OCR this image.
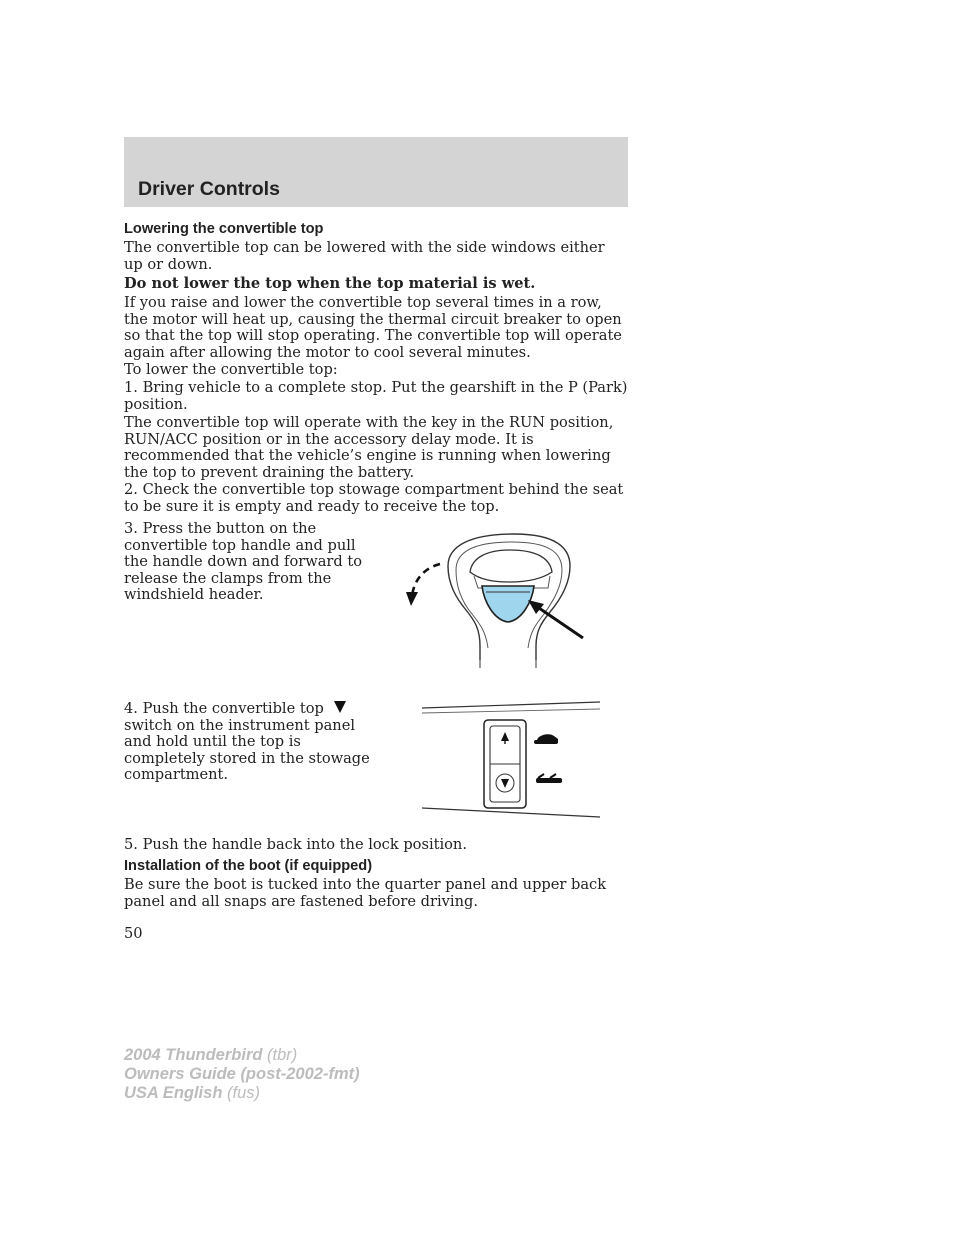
Driver Controls
Lowering the convertible top

The convertible top can be lowered with the side windows either up or down.

Do not lower the top when the top material is wet.

If you raise and lower the convertible top several times in a row, the motor will heat up, causing the thermal circuit breaker to open so that the top will stop operating. The convertible top will operate again after allowing the motor to cool several minutes.

To lower the convertible top:

1. Bring vehicle to a complete stop. Put the gearshift in the P (Park) position.

The convertible top will operate with the key in the RUN position, RUN/ACC position or in the accessory delay mode. It is recommended that the vehicle’s engine is running when lowering the top to prevent draining the battery.

2. Check the convertible top stowage compartment behind the seat to be sure it is empty and ready to receive the top.

3. Press the button on the convertible top handle and pull the handle down and forward to release the clamps from the windshield header.

4. Push the convertible top
switch on the instrument panel and hold until the top is completely stored in the stowage compartment.

5. Push the handle back into the lock position.

Installation of the boot (if equipped)

Be sure the boot is tucked into the quarter panel and upper back panel and all snaps are fastened before driving.

50
2004 Thunderbird (tbr)
Owners Guide (post-2002-fmt)
USA English (fus)
